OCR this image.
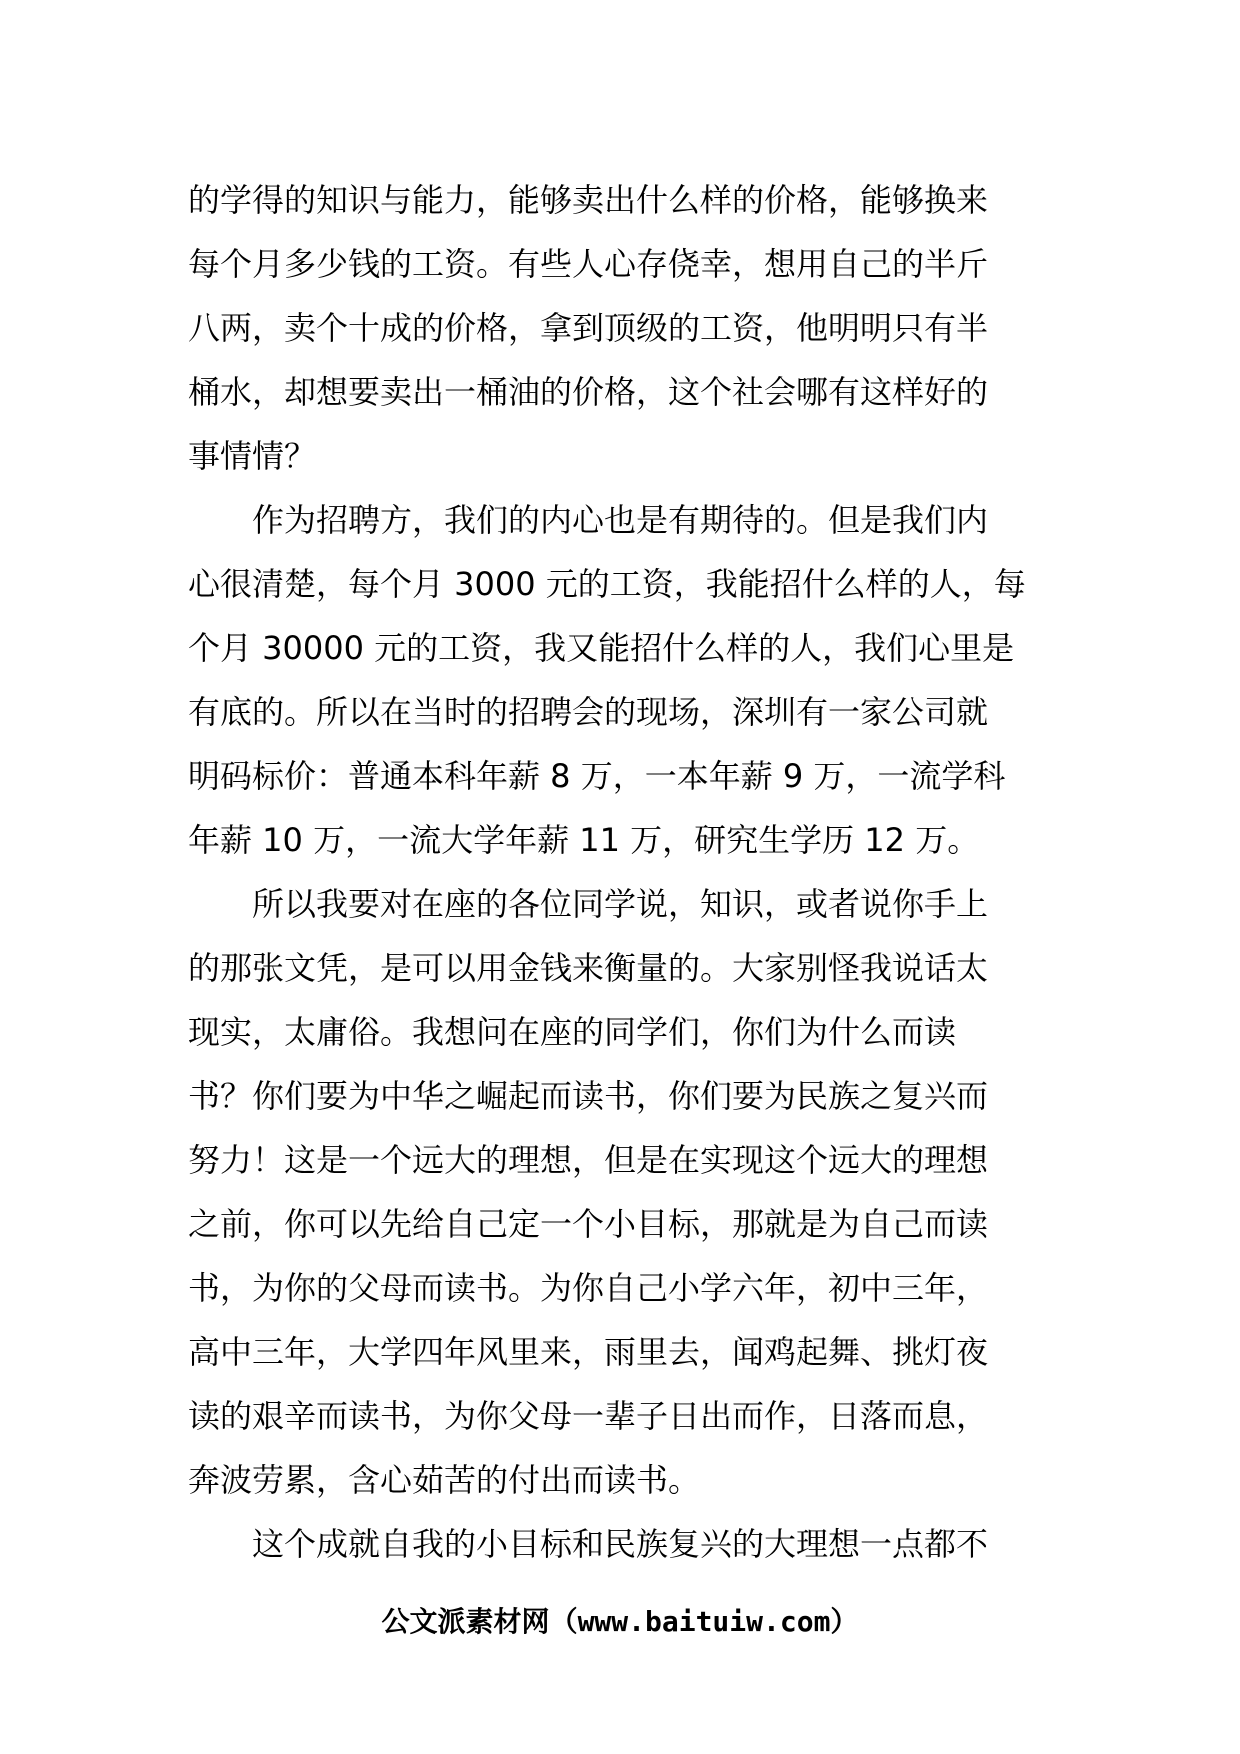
的学得的知识与能力，能够卖出什么样的价格，能够换来
每个月多少钱的工资。有些人心存侥幸，想用自己的半斤
八两，卖个十成的价格，拿到顶级的工资，他明明只有半
桶水，却想要卖出一桶油的价格，这个社会哪有这样好的
事情情？
作为招聘方，我们的内心也是有期待的。但是我们内
心很清楚，每个月 3000 元的工资，我能招什么样的人，每
个月 30000 元的工资，我又能招什么样的人，我们心里是
有底的。所以在当时的招聘会的现场，深圳有一家公司就
明码标价：普通本科年薪 8 万，一本年薪 9 万，一流学科
年薪 10 万，一流大学年薪 11 万，研究生学历 12 万。
所以我要对在座的各位同学说，知识，或者说你手上
的那张文凭，是可以用金钱来衡量的。大家别怪我说话太
现实，太庸俗。我想问在座的同学们，你们为什么而读
书？你们要为中华之崛起而读书，你们要为民族之复兴而
努力！这是一个远大的理想，但是在实现这个远大的理想
之前，你可以先给自己定一个小目标，那就是为自己而读
书，为你的父母而读书。为你自己小学六年，初中三年，
高中三年，大学四年风里来，雨里去，闻鸡起舞、挑灯夜
读的艰辛而读书，为你父母一辈子日出而作，日落而息，
奔波劳累，含心茹苦的付出而读书。
这个成就自我的小目标和民族复兴的大理想一点都不
公文派素材网（www.baituiw.com）
